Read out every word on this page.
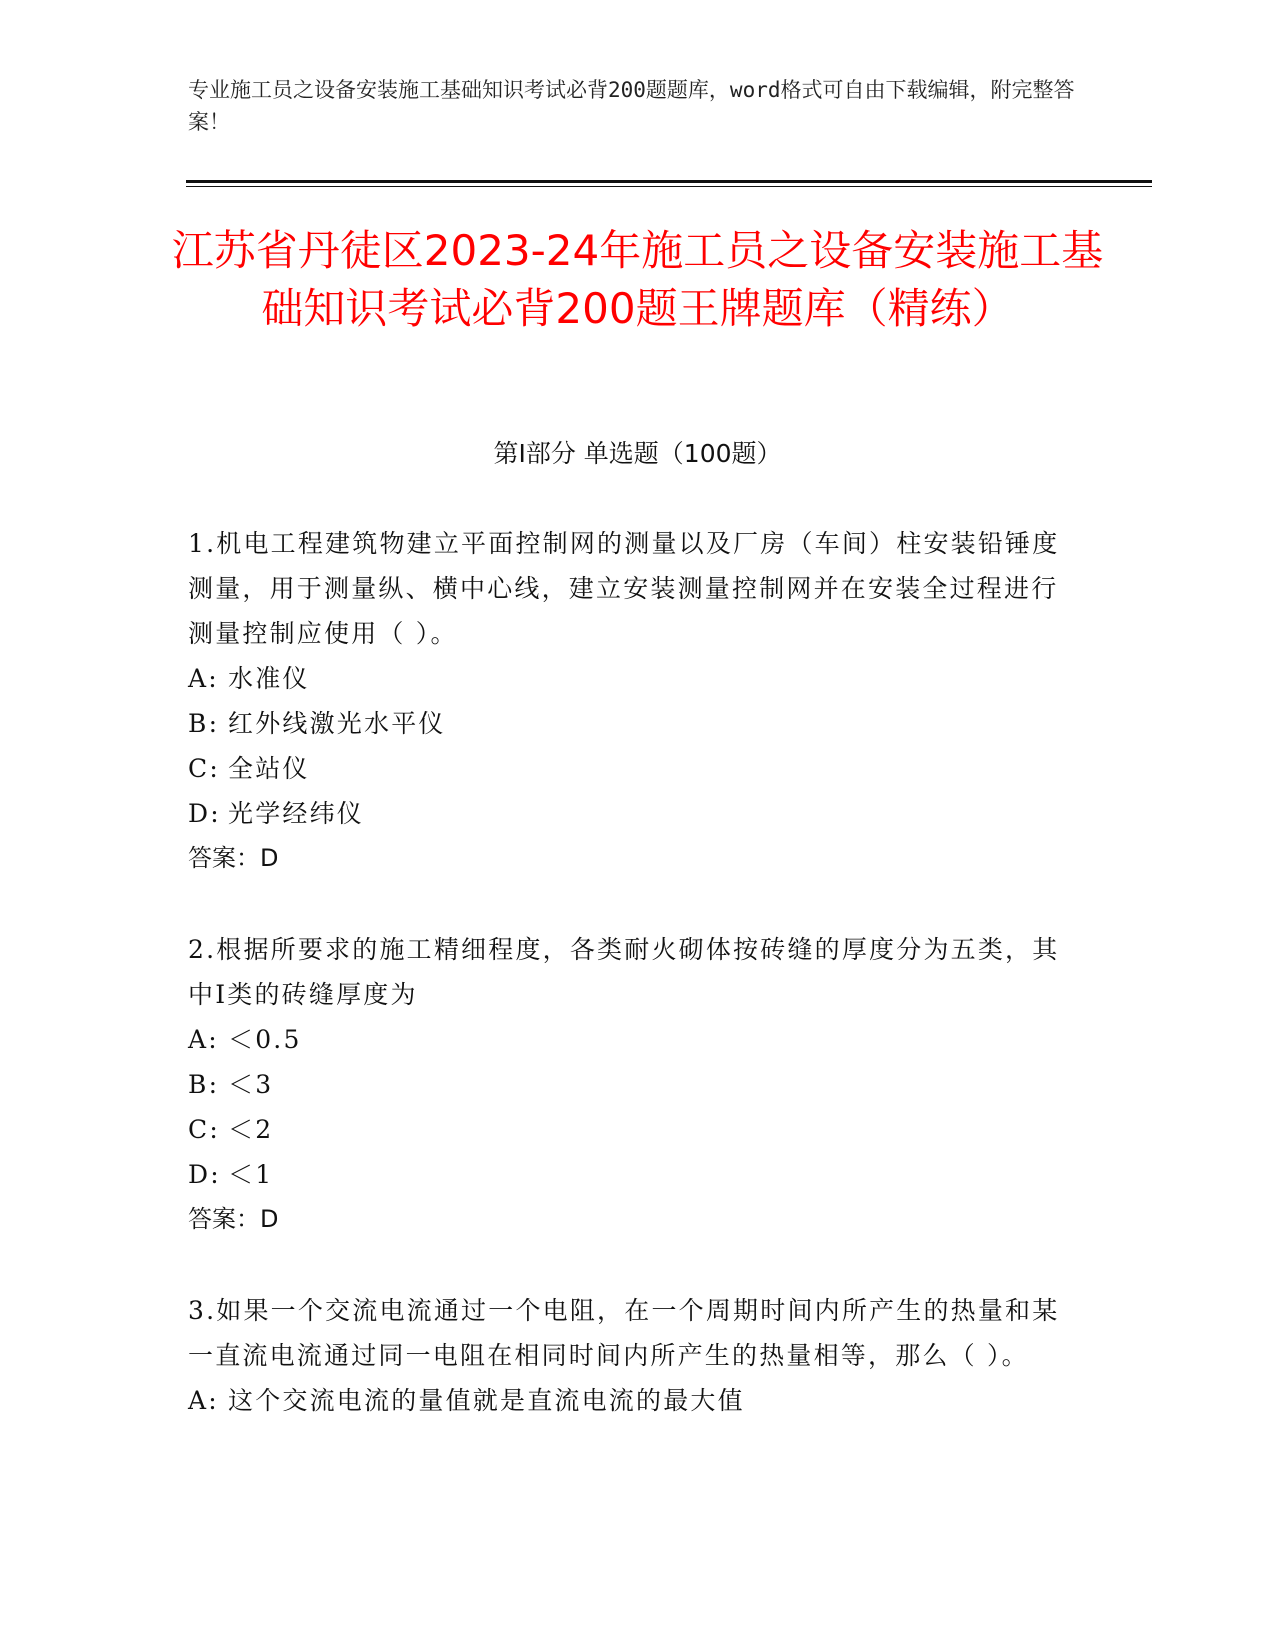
专业施工员之设备安装施工基础知识考试必背200题题库，word格式可自由下载编辑，附完整答案！
江苏省丹徒区2023-24年施工员之设备安装施工基础知识考试必背200题王牌题库（精练）
第I部分 单选题（100题）
1.机电工程建筑物建立平面控制网的测量以及厂房（车间）柱安装铅锤度测量，用于测量纵、横中心线，建立安装测量控制网并在安装全过程进行测量控制应使用（ ）。
A: 水准仪
B: 红外线激光水平仪
C: 全站仪
D: 光学经纬仪
答案：D
2.根据所要求的施工精细程度，各类耐火砌体按砖缝的厚度分为五类，其中I类的砖缝厚度为
A: ＜0.5
B: ＜3
C: ＜2
D: ＜1
答案：D
3.如果一个交流电流通过一个电阻，在一个周期时间内所产生的热量和某一直流电流通过同一电阻在相同时间内所产生的热量相等，那么（ ）。
A: 这个交流电流的量值就是直流电流的最大值
